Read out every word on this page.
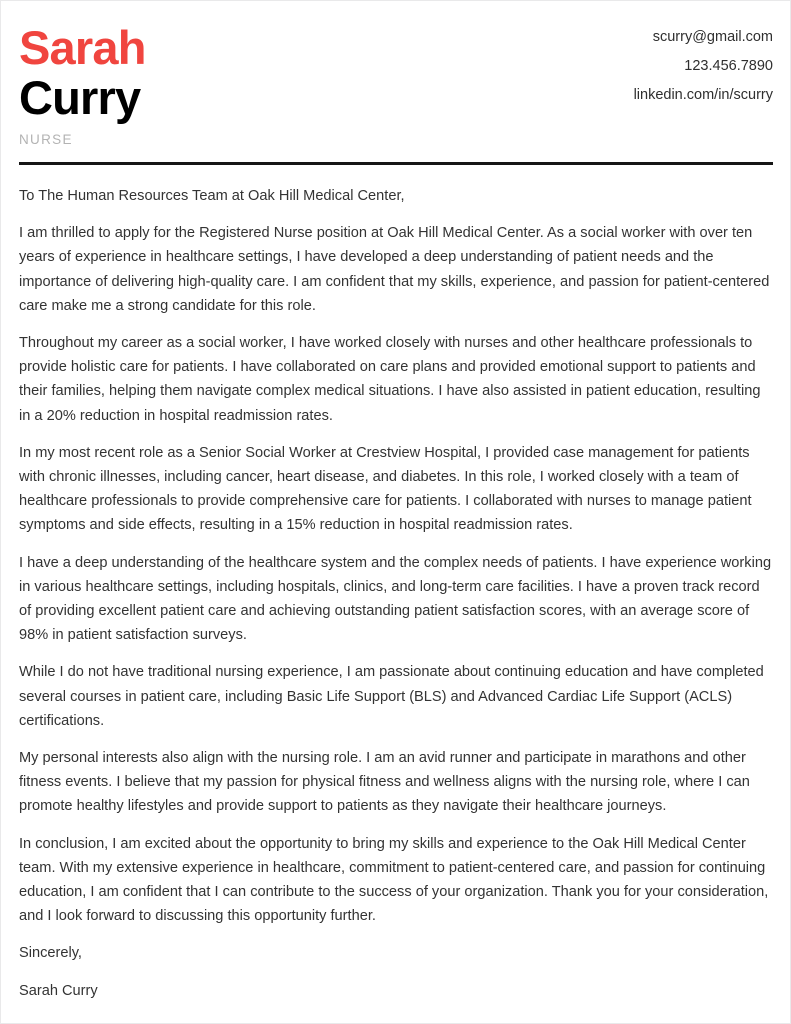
Sarah
Curry
NURSE
scurry@gmail.com
123.456.7890
linkedin.com/in/scurry

To The Human Resources Team at Oak Hill Medical Center,

I am thrilled to apply for the Registered Nurse position at Oak Hill Medical Center. As a social worker with over ten years of experience in healthcare settings, I have developed a deep understanding of patient needs and the importance of delivering high-quality care. I am confident that my skills, experience, and passion for patient-centered care make me a strong candidate for this role.

Throughout my career as a social worker, I have worked closely with nurses and other healthcare professionals to provide holistic care for patients. I have collaborated on care plans and provided emotional support to patients and their families, helping them navigate complex medical situations. I have also assisted in patient education, resulting in a 20% reduction in hospital readmission rates.

In my most recent role as a Senior Social Worker at Crestview Hospital, I provided case management for patients with chronic illnesses, including cancer, heart disease, and diabetes. In this role, I worked closely with a team of healthcare professionals to provide comprehensive care for patients. I collaborated with nurses to manage patient symptoms and side effects, resulting in a 15% reduction in hospital readmission rates.

I have a deep understanding of the healthcare system and the complex needs of patients. I have experience working in various healthcare settings, including hospitals, clinics, and long-term care facilities. I have a proven track record of providing excellent patient care and achieving outstanding patient satisfaction scores, with an average score of 98% in patient satisfaction surveys.

While I do not have traditional nursing experience, I am passionate about continuing education and have completed several courses in patient care, including Basic Life Support (BLS) and Advanced Cardiac Life Support (ACLS) certifications.

My personal interests also align with the nursing role. I am an avid runner and participate in marathons and other fitness events. I believe that my passion for physical fitness and wellness aligns with the nursing role, where I can promote healthy lifestyles and provide support to patients as they navigate their healthcare journeys.

In conclusion, I am excited about the opportunity to bring my skills and experience to the Oak Hill Medical Center team. With my extensive experience in healthcare, commitment to patient-centered care, and passion for continuing education, I am confident that I can contribute to the success of your organization. Thank you for your consideration, and I look forward to discussing this opportunity further.

Sincerely,

Sarah Curry
